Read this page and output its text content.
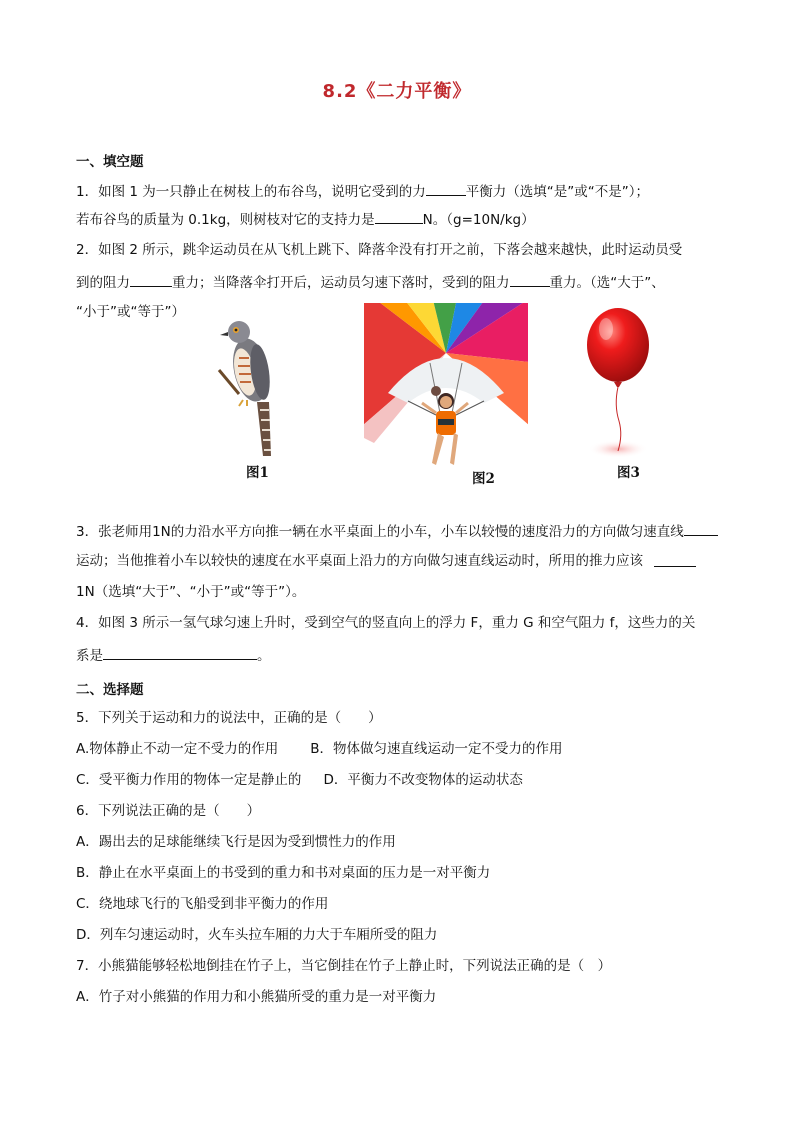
8.2《二力平衡》
一、填空题
1．如图 1 为一只静止在树枝上的布谷鸟，说明它受到的力	平衡力（选填“是”或“不是”）；
若布谷鸟的质量为 0.1kg，则树枝对它的支持力是	N。（g=10N/kg）
2．如图 2 所示，跳伞运动员在从飞机上跳下、降落伞没有打开之前，下落会越来越快，此时运动员受
到的阻力	重力；当降落伞打开后，运动员匀速下落时，受到的阻力	重力。（选“大于”、
“小于”或“等于”）
图1	图2	图3
3．张老师用1N的力沿水平方向推一辆在水平桌面上的小车，小车以较慢的速度沿力的方向做匀速直线
运动；当他推着小车以较快的速度在水平桌面上沿力的方向做匀速直线运动时，所用的推力应该
1N（选填“大于”、“小于”或“等于”）。
4．如图 3 所示一氢气球匀速上升时，受到空气的竖直向上的浮力 F，重力 G 和空气阻力 f，这些力的关
系是	。
二、选择题
5．下列关于运动和力的说法中，正确的是（　　）
A.物体静止不动一定不受力的作用 B．物体做匀速直线运动一定不受力的作用
C．受平衡力作用的物体一定是静止的 D．平衡力不改变物体的运动状态
6．下列说法正确的是（　　）
A．踢出去的足球能继续飞行是因为受到惯性力的作用
B．静止在水平桌面上的书受到的重力和书对桌面的压力是一对平衡力
C．绕地球飞行的飞船受到非平衡力的作用
D．列车匀速运动时，火车头拉车厢的力大于车厢所受的阻力
7．小熊猫能够轻松地倒挂在竹子上，当它倒挂在竹子上静止时，下列说法正确的是（　）
A．竹子对小熊猫的作用力和小熊猫所受的重力是一对平衡力
